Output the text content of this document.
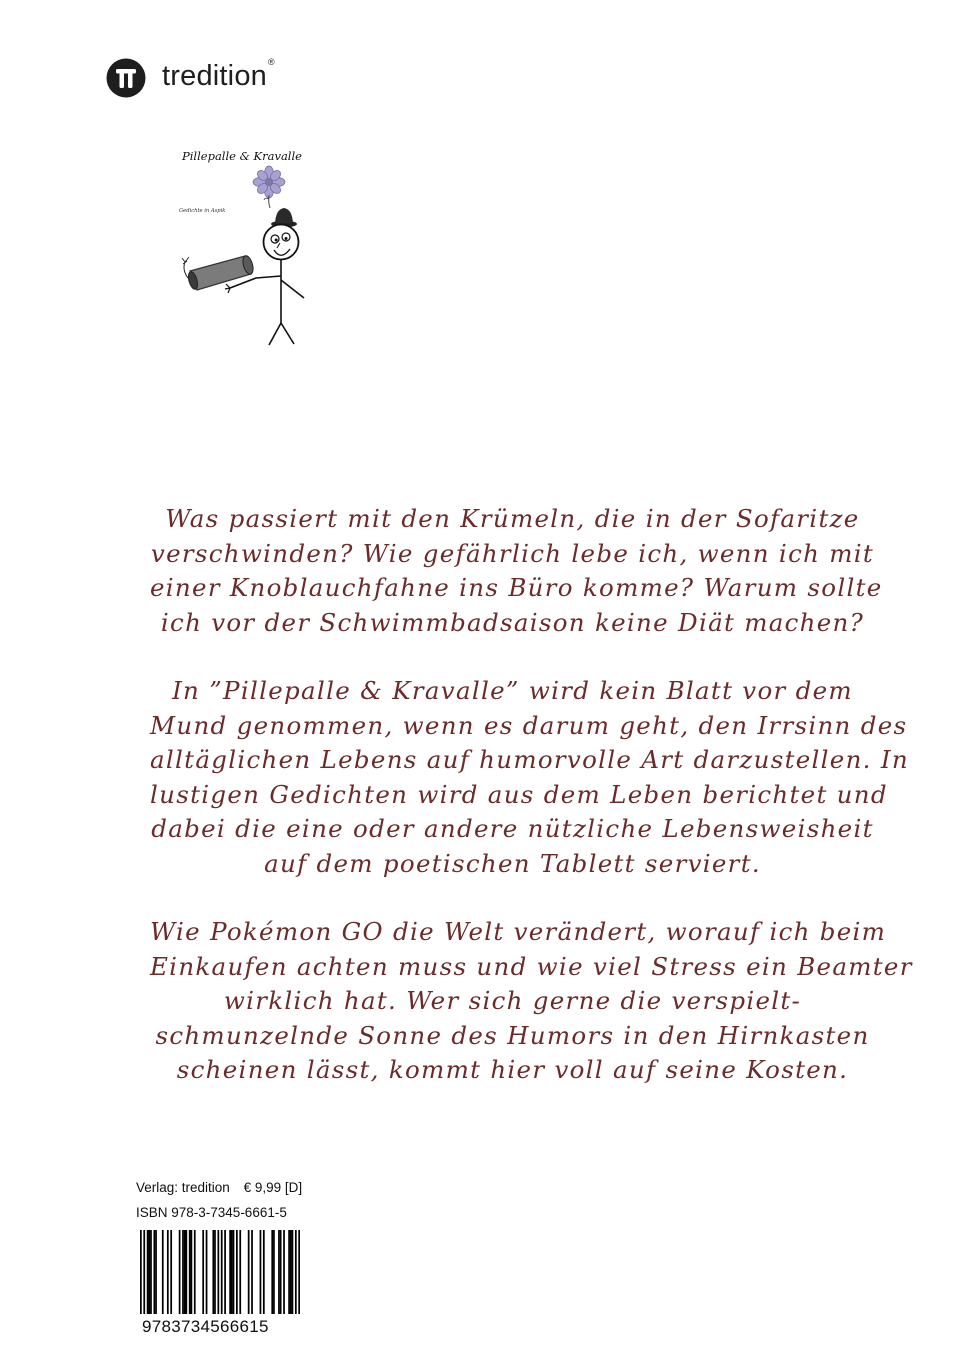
tredition®
Pillepalle & Kravalle
Gedichte in Aspik
Was passiert mit den Krümeln, die in der Sofaritze
verschwinden? Wie gefährlich lebe ich, wenn ich mit
einer Knoblauchfahne ins Büro komme? Warum sollte
ich vor der Schwimmbadsaison keine Diät machen?
In ”Pillepalle & Kravalle” wird kein Blatt vor dem
Mund genommen, wenn es darum geht, den Irrsinn des
alltäglichen Lebens auf humorvolle Art darzustellen. In
lustigen Gedichten wird aus dem Leben berichtet und
dabei die eine oder andere nützliche Lebensweisheit
auf dem poetischen Tablett serviert.
Wie Pokémon GO die Welt verändert, worauf ich beim
Einkaufen achten muss und wie viel Stress ein Beamter
wirklich hat. Wer sich gerne die verspielt-
schmunzelnde Sonne des Humors in den Hirnkasten
scheinen lässt, kommt hier voll auf seine Kosten.
Verlag: tredition € 9,99 [D]
ISBN 978-3-7345-6661-5
9783734566615
